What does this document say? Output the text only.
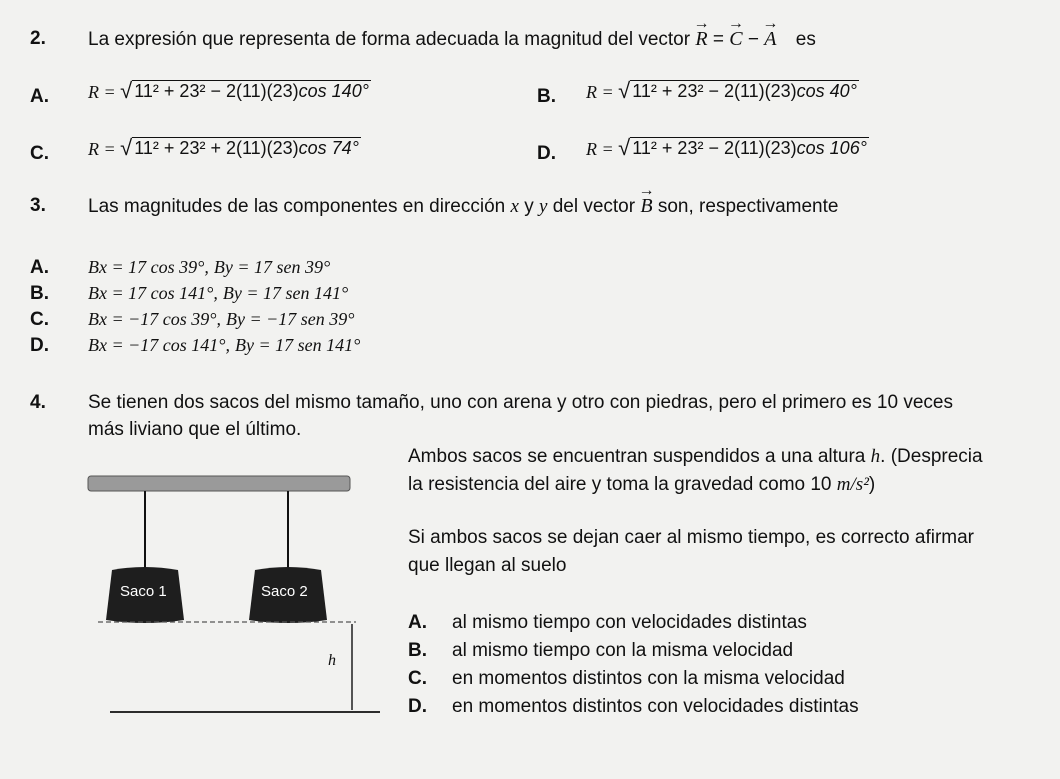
2. La expresión que representa de forma adecuada la magnitud del vector → R = → C − → A es
A. R = √ 11² + 23² − 2(11)(23)cos 140°	B. R = √ 11² + 23² − 2(11)(23)cos 40°
C. R = √ 11² + 23² + 2(11)(23)cos 74°	D. R = √ 11² + 23² − 2(11)(23)cos 106°
3. Las magnitudes de las componentes en dirección x y y del vector → B son, respectivamente
A. Bx = 17 cos 39°, By = 17 sen 39°
B. Bx = 17 cos 141°, By = 17 sen 141°
C. Bx = −17 cos 39°, By = −17 sen 39°
D. Bx = −17 cos 141°, By = 17 sen 141°
4. Se tienen dos sacos del mismo tamaño, uno con arena y otro con piedras, pero el primero es 10 veces
más liviano que el último.
Ambos sacos se encuentran suspendidos a una altura h. (Desprecia
la resistencia del aire y toma la gravedad como 10 m/s²)
Si ambos sacos se dejan caer al mismo tiempo, es correcto afirmar
que llegan al suelo
Saco 1	Saco 2
h
A. al mismo tiempo con velocidades distintas
B. al mismo tiempo con la misma velocidad
C. en momentos distintos con la misma velocidad
D. en momentos distintos con velocidades distintas
